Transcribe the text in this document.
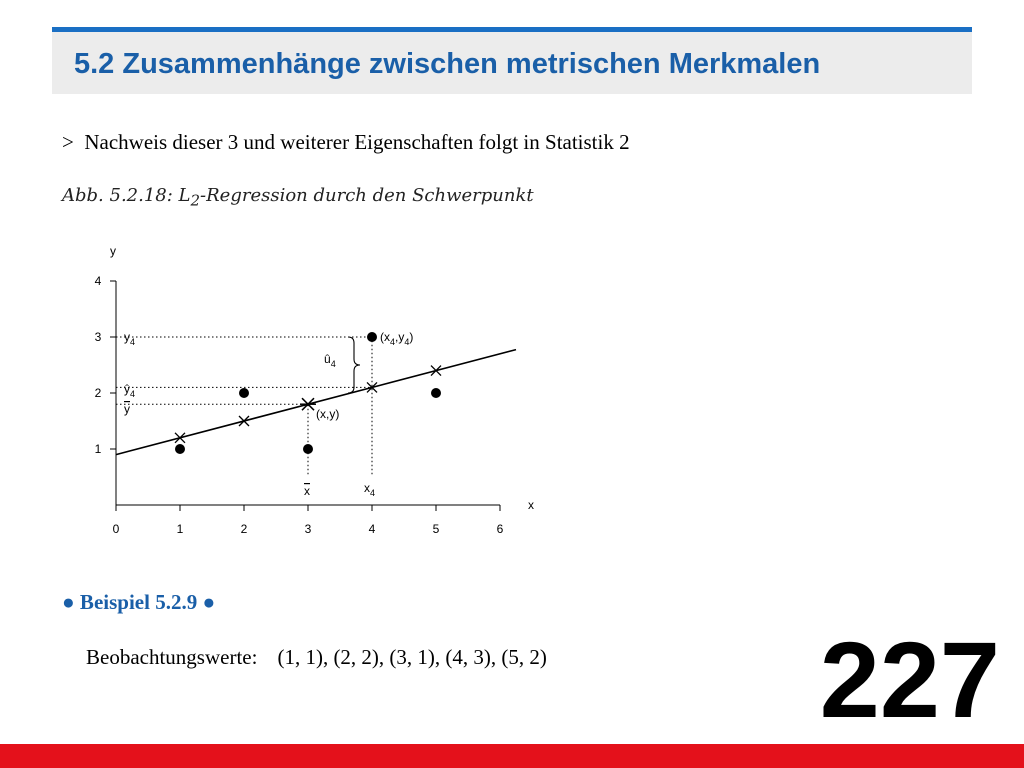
5.2 Zusammenhänge zwischen metrischen Merkmalen
> Nachweis dieser 3 und weiterer Eigenschaften folgt in Statistik 2
Abb. 5.2.18: $L_2$-Regression durch den Schwerpunkt
x
y
0	1	2	3	4	5	6
1
2
3
4
$y_4$
$ŷ_4$
y
$û_4$
$(x_4,y_4)$
(x,y)
x	$x_4$
● Beispiel 5.2.9 ●
Beobachtungswerte: (1, 1), (2, 2), (3, 1), (4, 3), (5, 2)	227
